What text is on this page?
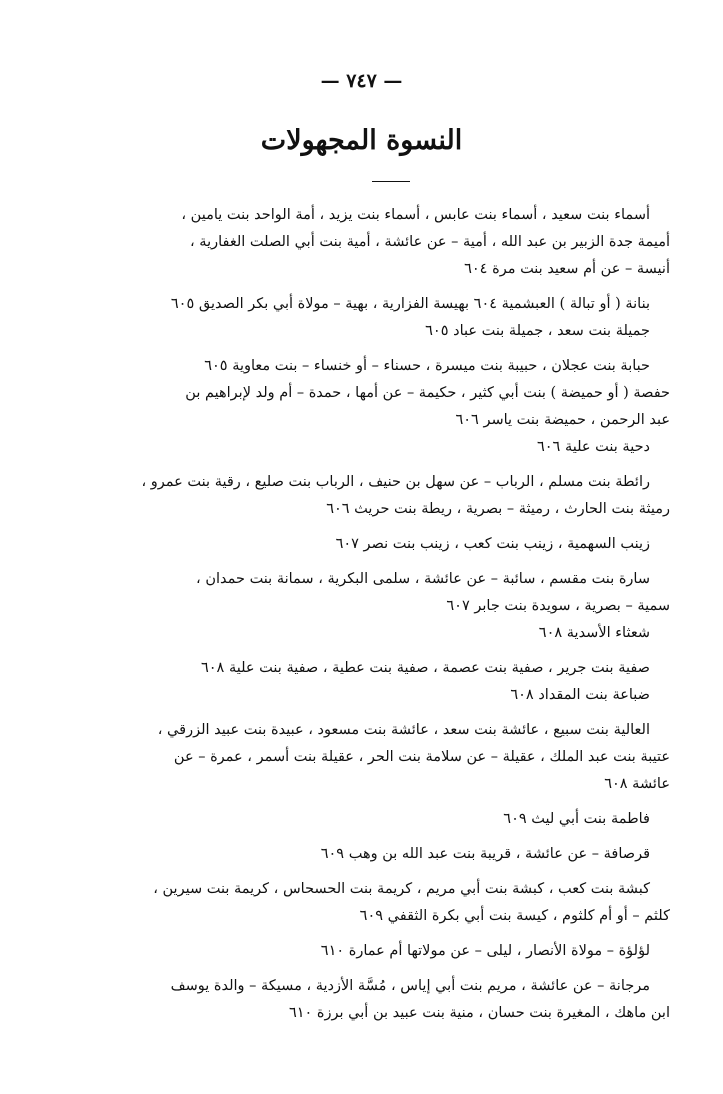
— ٧٤٧ —
النسوة المجهولات
أسماء بنت سعيد ، أسماء بنت عابس ، أسماء بنت يزيد ، أمة الواحد بنت يامين ،
أميمة جدة الزبير بن عبد الله ، أمية – عن عائشة ، أمية بنت أبي الصلت الغفارية ،
أنيسة – عن أم سعيد بنت مرة ٦٠٤
بنانة ( أو تبالة ) العبشمية ٦٠٤ بهيسة الفزارية ، بهية – مولاة أبي بكر الصديق ٦٠٥
جميلة بنت سعد ، جميلة بنت عباد ٦٠٥
حبابة بنت عجلان ، حبيبة بنت ميسرة ، حسناء – أو خنساء – بنت معاوية ٦٠٥
حفصة ( أو حميضة ) بنت أبي كثير ، حكيمة – عن أمها ، حمدة – أم ولد لإبراهيم بن
عبد الرحمن ، حميضة بنت ياسر ٦٠٦
دحية بنت علية ٦٠٦
رائطة بنت مسلم ، الرباب – عن سهل بن حنيف ، الرباب بنت صليع ، رقية بنت عمرو ،
رميثة بنت الحارث ، رميثة – بصرية ، ريطة بنت حريث ٦٠٦
زينب السهمية ، زينب بنت كعب ، زينب بنت نصر ٦٠٧
سارة بنت مقسم ، سائبة – عن عائشة ، سلمى البكرية ، سمانة بنت حمدان ،
سمية – بصرية ، سويدة بنت جابر ٦٠٧
شعثاء الأسدية ٦٠٨
صفية بنت جرير ، صفية بنت عصمة ، صفية بنت عطية ، صفية بنت علية ٦٠٨
ضباعة بنت المقداد ٦٠٨
العالية بنت سبيع ، عائشة بنت سعد ، عائشة بنت مسعود ، عبيدة بنت عبيد الزرقي ،
عتيبة بنت عبد الملك ، عقيلة – عن سلامة بنت الحر ، عقيلة بنت أسمر ، عمرة – عن
عائشة ٦٠٨
فاطمة بنت أبي ليث ٦٠٩
قرصافة – عن عائشة ، قريبة بنت عبد الله بن وهب ٦٠٩
كبشة بنت كعب ، كبشة بنت أبي مريم ، كريمة بنت الحسحاس ، كريمة بنت سيرين ،
كلثم – أو أم كلثوم ، كيسة بنت أبي بكرة الثقفي ٦٠٩
لؤلؤة – مولاة الأنصار ، ليلى – عن مولاتها أم عمارة ٦١٠
مرجانة – عن عائشة ، مريم بنت أبي إياس ، مُسَّة الأزدية ، مسيكة – والدة يوسف
ابن ماهك ، المغيرة بنت حسان ، منية بنت عبيد بن أبي برزة ٦١٠
